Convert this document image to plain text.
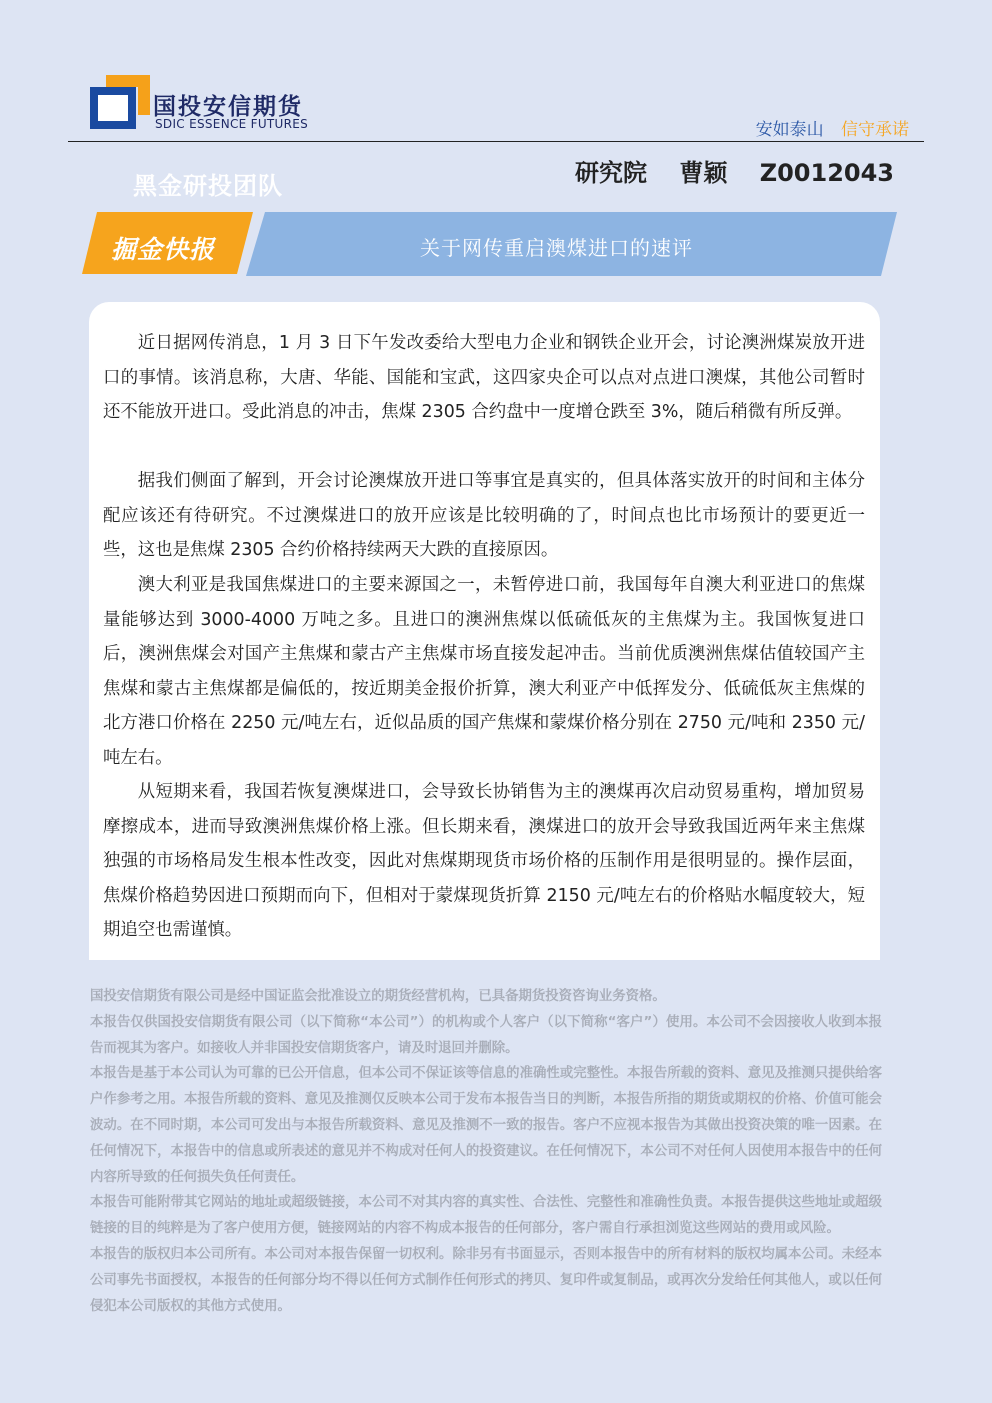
国投安信期货
SDIC ESSENCE FUTURES	安如泰山 信守承诺
黑金研投团队	研究院 曹颖 Z0012043
掘金快报	关于网传重启澳煤进口的速评

近日据网传消息，1 月 3 日下午发改委给大型电力企业和钢铁企业开会，讨论澳洲煤炭放开进口的事情。该消息称，大唐、华能、国能和宝武，这四家央企可以点对点进口澳煤，其他公司暂时还不能放开进口。受此消息的冲击，焦煤 2305 合约盘中一度增仓跌至 3%，随后稍微有所反弹。

据我们侧面了解到，开会讨论澳煤放开进口等事宜是真实的，但具体落实放开的时间和主体分配应该还有待研究。不过澳煤进口的放开应该是比较明确的了，时间点也比市场预计的要更近一些，这也是焦煤 2305 合约价格持续两天大跌的直接原因。

澳大利亚是我国焦煤进口的主要来源国之一，未暂停进口前，我国每年自澳大利亚进口的焦煤量能够达到 3000-4000 万吨之多。且进口的澳洲焦煤以低硫低灰的主焦煤为主。我国恢复进口后，澳洲焦煤会对国产主焦煤和蒙古产主焦煤市场直接发起冲击。当前优质澳洲焦煤估值较国产主焦煤和蒙古主焦煤都是偏低的，按近期美金报价折算，澳大利亚产中低挥发分、低硫低灰主焦煤的北方港口价格在 2250 元/吨左右，近似品质的国产焦煤和蒙煤价格分别在 2750 元/吨和 2350 元/吨左右。

从短期来看，我国若恢复澳煤进口，会导致长协销售为主的澳煤再次启动贸易重构，增加贸易摩擦成本，进而导致澳洲焦煤价格上涨。但长期来看，澳煤进口的放开会导致我国近两年来主焦煤独强的市场格局发生根本性改变，因此对焦煤期现货市场价格的压制作用是很明显的。操作层面，焦煤价格趋势因进口预期而向下，但相对于蒙煤现货折算 2150 元/吨左右的价格贴水幅度较大，短期追空也需谨慎。

国投安信期货有限公司是经中国证监会批准设立的期货经营机构，已具备期货投资咨询业务资格。

本报告仅供国投安信期货有限公司（以下简称“本公司”）的机构或个人客户（以下简称“客户”）使用。本公司不会因接收人收到本报告而视其为客户。如接收人并非国投安信期货客户，请及时退回并删除。

本报告是基于本公司认为可靠的已公开信息，但本公司不保证该等信息的准确性或完整性。本报告所载的资料、意见及推测只提供给客户作参考之用。本报告所载的资料、意见及推测仅反映本公司于发布本报告当日的判断，本报告所指的期货或期权的价格、价值可能会波动。在不同时期，本公司可发出与本报告所载资料、意见及推测不一致的报告。客户不应视本报告为其做出投资决策的唯一因素。在任何情况下，本报告中的信息或所表述的意见并不构成对任何人的投资建议。在任何情况下，本公司不对任何人因使用本报告中的任何内容所导致的任何损失负任何责任。

本报告可能附带其它网站的地址或超级链接，本公司不对其内容的真实性、合法性、完整性和准确性负责。本报告提供这些地址或超级链接的目的纯粹是为了客户使用方便，链接网站的内容不构成本报告的任何部分，客户需自行承担浏览这些网站的费用或风险。

本报告的版权归本公司所有。本公司对本报告保留一切权利。除非另有书面显示，否则本报告中的所有材料的版权均属本公司。未经本公司事先书面授权，本报告的任何部分均不得以任何方式制作任何形式的拷贝、复印件或复制品，或再次分发给任何其他人，或以任何侵犯本公司版权的其他方式使用。
